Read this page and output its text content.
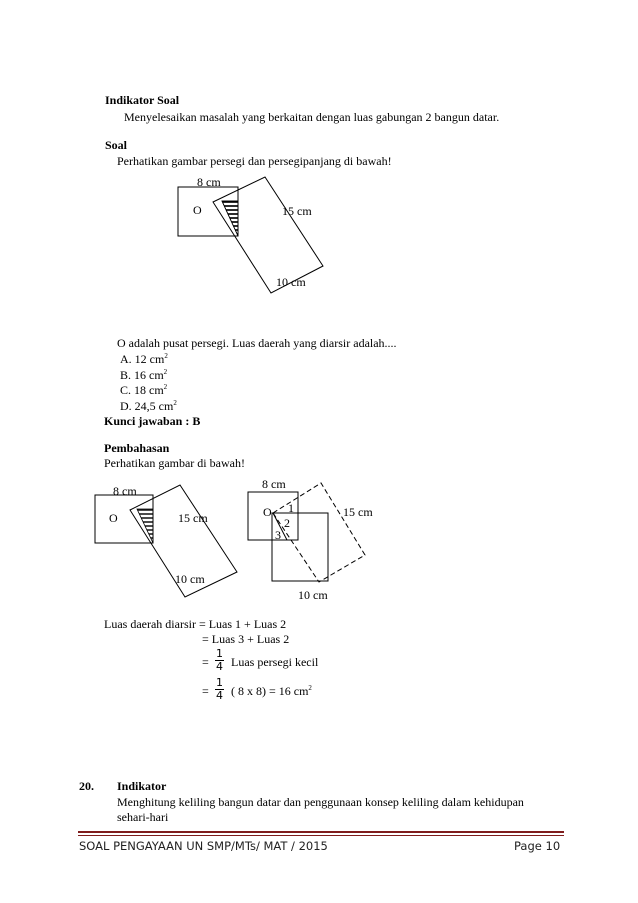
Indikator Soal
Menyelesaikan masalah yang berkaitan dengan luas gabungan 2 bangun datar.
Soal
Perhatikan gambar persegi dan persegipanjang di bawah!
8 cm
O	15 cm
10 cm
O adalah pusat persegi. Luas daerah yang diarsir adalah....
A. 12 $cm^2$
B. 16 $cm^2$
C. 18 $cm^2$
D. 24,5 $cm^2$
Kunci jawaban : B
Pembahasan
Perhatikan gambar di bawah!
8 cm
O	15 cm
10 cm
8 cm
O 1
2
3
15 cm
10 cm
Luas daerah diarsir = Luas 1 + Luas 2
= Luas 3 + Luas 2
=
1
4 Luas persegi kecil
=
1
4 ( 8 x 8) = 16 $cm^2$
20. Indikator
Menghitung keliling bangun datar dan penggunaan konsep keliling dalam kehidupan
sehari-hari
SOAL PENGAYAAN UN SMP/MTs/ MAT / 2015	Page 10
